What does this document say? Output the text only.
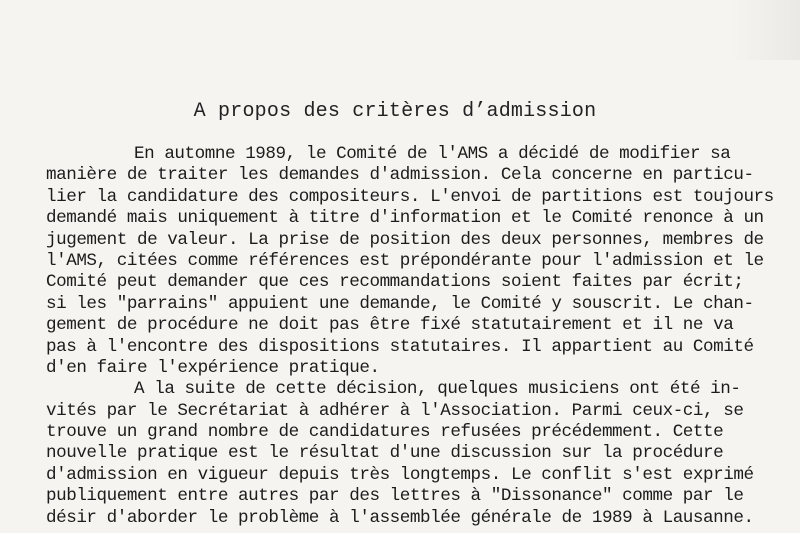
A propos des critères d’admission
En automne 1989, le Comité de l'AMS a décidé de modifier sa
manière de traiter les demandes d'admission. Cela concerne en particu-
lier la candidature des compositeurs. L'envoi de partitions est toujours
demandé mais uniquement à titre d'information et le Comité renonce à un
jugement de valeur. La prise de position des deux personnes, membres de
l'AMS, citées comme références est prépondérante pour l'admission et le
Comité peut demander que ces recommandations soient faites par écrit;
si les "parrains" appuient une demande, le Comité y souscrit. Le chan-
gement de procédure ne doit pas être fixé statutairement et il ne va
pas à l'encontre des dispositions statutaires. Il appartient au Comité
d'en faire l'expérience pratique.
A la suite de cette décision, quelques musiciens ont été in-
vités par le Secrétariat à adhérer à l'Association. Parmi ceux-ci, se
trouve un grand nombre de candidatures refusées précédemment. Cette
nouvelle pratique est le résultat d'une discussion sur la procédure
d'admission en vigueur depuis très longtemps. Le conflit s'est exprimé
publiquement entre autres par des lettres à "Dissonance" comme par le
désir d'aborder le problème à l'assemblée générale de 1989 à Lausanne.
